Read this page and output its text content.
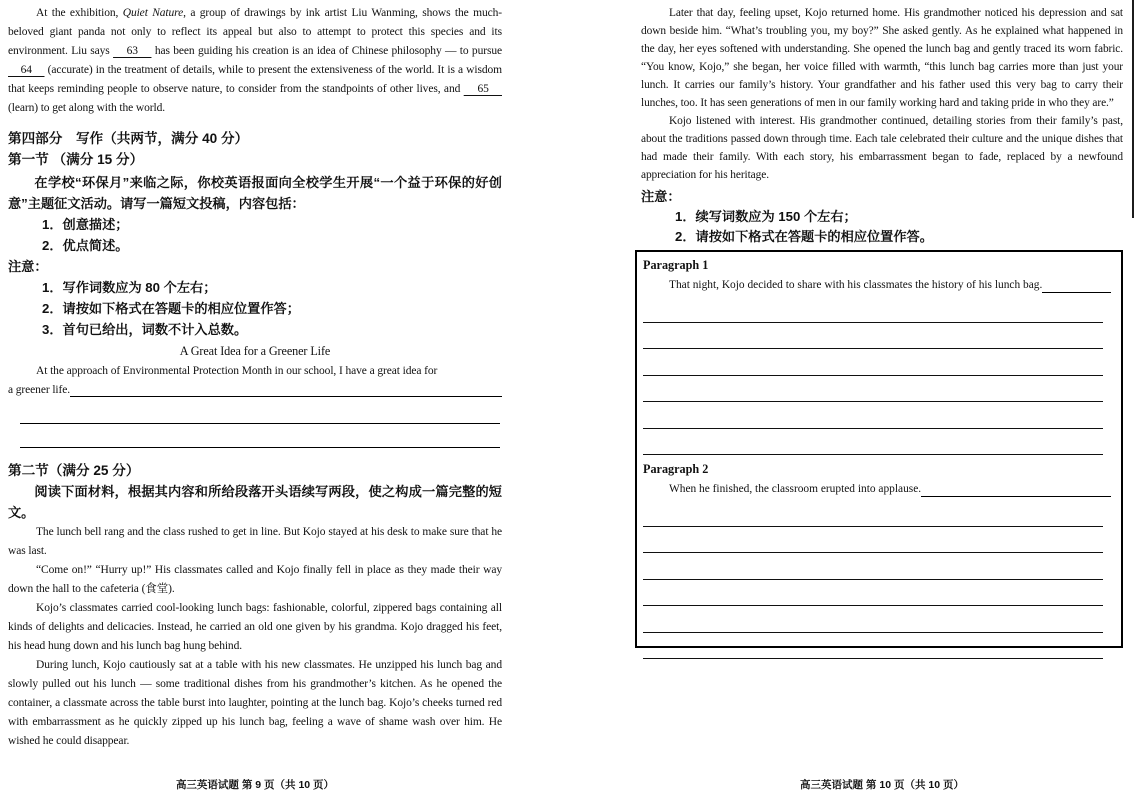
At the exhibition, Quiet Nature, a group of drawings by ink artist Liu Wanming, shows the much-beloved giant panda not only to reflect its appeal but also to attempt to protect this species and its environment. Liu says     63     has been guiding his creation is an idea of Chinese philosophy — to pursue     64     (accurate) in the treatment of details, while to present the extensiveness of the world. It is a wisdom that keeps reminding people to observe nature, to consider from the standpoints of other lives, and     65     (learn) to get along with the world.

第四部分　写作（共两节，满分 40 分）

第一节 （满分 15 分）

在学校“环保月”来临之际，你校英语报面向全校学生开展“一个益于环保的好创意”主题征文活动。请写一篇短文投稿，内容包括：

1．创意描述；

2．优点简述。

注意：

1．写作词数应为 80 个左右；

2．请按如下格式在答题卡的相应位置作答；

3．首句已给出，词数不计入总数。

A Great Idea for a Greener Life

At the approach of Environmental Protection Month in our school, I have a great idea for
a greener life.

第二节（满分 25 分）

阅读下面材料，根据其内容和所给段落开头语续写两段，使之构成一篇完整的短文。

The lunch bell rang and the class rushed to get in line. But Kojo stayed at his desk to make sure that he was last.

“Come on!” “Hurry up!” His classmates called and Kojo finally fell in place as they made their way down the hall to the cafeteria (食堂).

Kojo’s classmates carried cool-looking lunch bags: fashionable, colorful, zippered bags containing all kinds of delights and delicacies. Instead, he carried an old one given by his grandma. Kojo dragged his feet, his head hung down and his lunch bag hung behind.

During lunch, Kojo cautiously sat at a table with his new classmates. He unzipped his lunch bag and slowly pulled out his lunch — some traditional dishes from his grandmother’s kitchen. As he opened the container, a classmate across the table burst into laughter, pointing at the lunch bag. Kojo’s cheeks turned red with embarrassment as he quickly zipped up his lunch bag, feeling a wave of shame wash over him. He wished he could disappear.

Later that day, feeling upset, Kojo returned home. His grandmother noticed his depression and sat down beside him. “What’s troubling you, my boy?” She asked gently. As he explained what happened in the day, her eyes softened with understanding. She opened the lunch bag and gently traced its worn fabric. “You know, Kojo,” she began, her voice filled with warmth, “this lunch bag carries more than just your lunch. It carries our family’s history. Your grandfather and his father used this very bag to carry their lunches, too. It has seen generations of men in our family working hard and taking pride in who they are.”

Kojo listened with interest. His grandmother continued, detailing stories from their family’s past, about the traditions passed down through time. Each tale celebrated their culture and the unique dishes that had made their family. With each story, his embarrassment began to fade, replaced by a newfound appreciation for his heritage.

注意：

1．续写词数应为 150 个左右；

2．请按如下格式在答题卡的相应位置作答。

Paragraph 1

That night, Kojo decided to share with his classmates the history of his lunch bag.

Paragraph 2

When he finished, the classroom erupted into applause.
高三英语试题 第 9 页（共 10 页）	高三英语试题 第 10 页（共 10 页）
